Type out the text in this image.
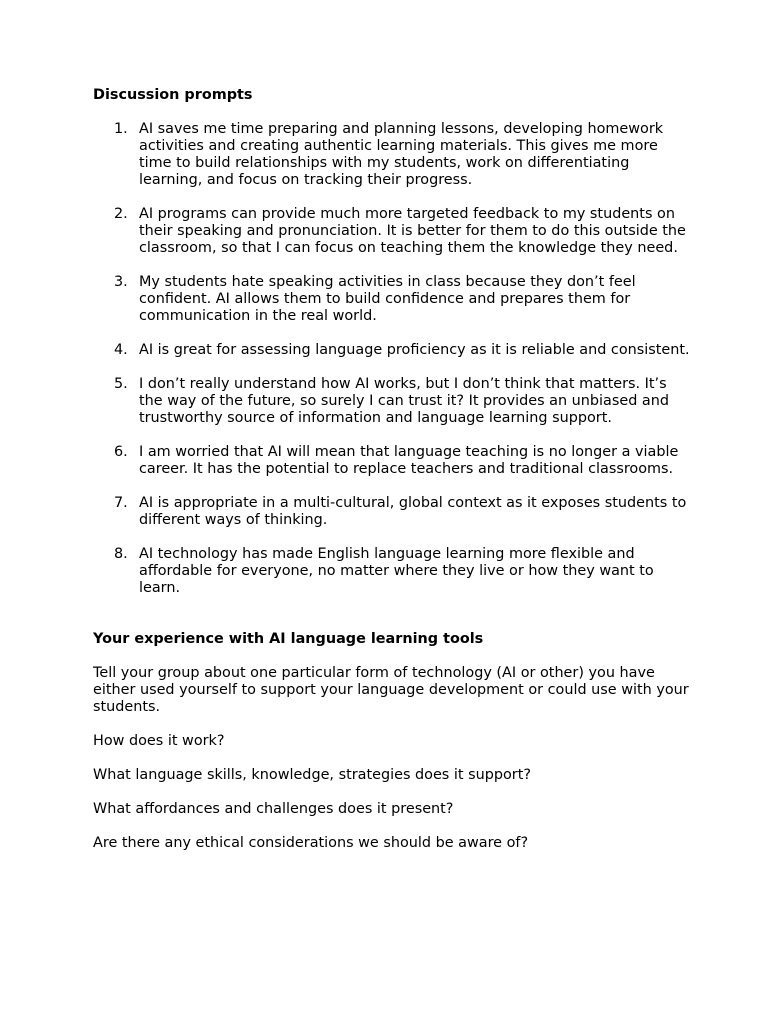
Discussion prompts
1. AI saves me time preparing and planning lessons, developing homework activities and creating authentic learning materials. This gives me more time to build relationships with my students, work on differentiating learning, and focus on tracking their progress.
2. AI programs can provide much more targeted feedback to my students on their speaking and pronunciation. It is better for them to do this outside the classroom, so that I can focus on teaching them the knowledge they need.
3. My students hate speaking activities in class because they don’t feel confident. AI allows them to build confidence and prepares them for communication in the real world.
4. AI is great for assessing language proficiency as it is reliable and consistent.
5. I don’t really understand how AI works, but I don’t think that matters. It’s the way of the future, so surely I can trust it? It provides an unbiased and trustworthy source of information and language learning support.
6. I am worried that AI will mean that language teaching is no longer a viable career. It has the potential to replace teachers and traditional classrooms.
7. AI is appropriate in a multi-cultural, global context as it exposes students to different ways of thinking.
8. AI technology has made English language learning more flexible and affordable for everyone, no matter where they live or how they want to learn.
Your experience with AI language learning tools

Tell your group about one particular form of technology (AI or other) you have either used yourself to support your language development or could use with your students.

How does it work?

What language skills, knowledge, strategies does it support?

What affordances and challenges does it present?

Are there any ethical considerations we should be aware of?
